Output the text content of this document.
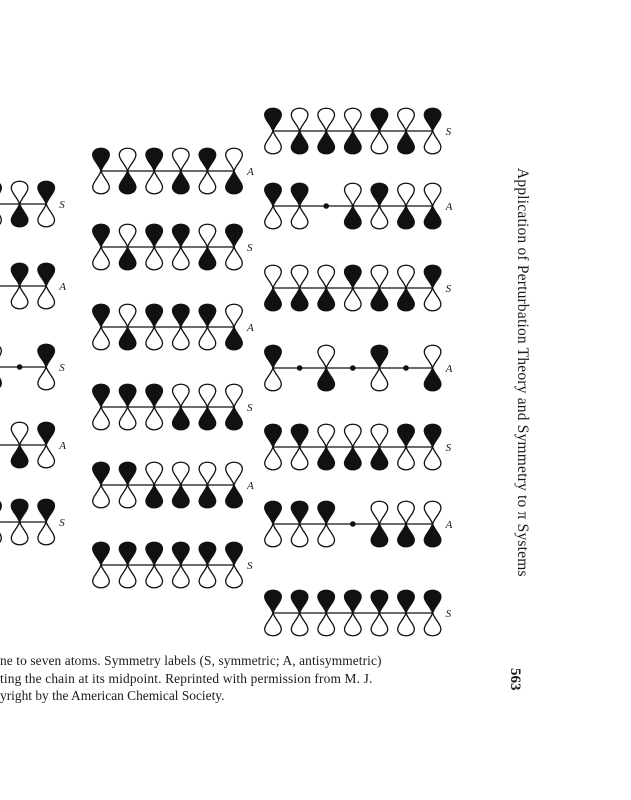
S
A
S
A
S
A
S
A
S
A
S
S
A
S
A
S
A
S
ne to seven atoms. Symmetry labels (S, symmetric; A, antisymmetric)
ting the chain at its midpoint. Reprinted with permission from M. J.
yright by the American Chemical Society.
Application of Perturbation Theory and Symmetry to π Systems
563
